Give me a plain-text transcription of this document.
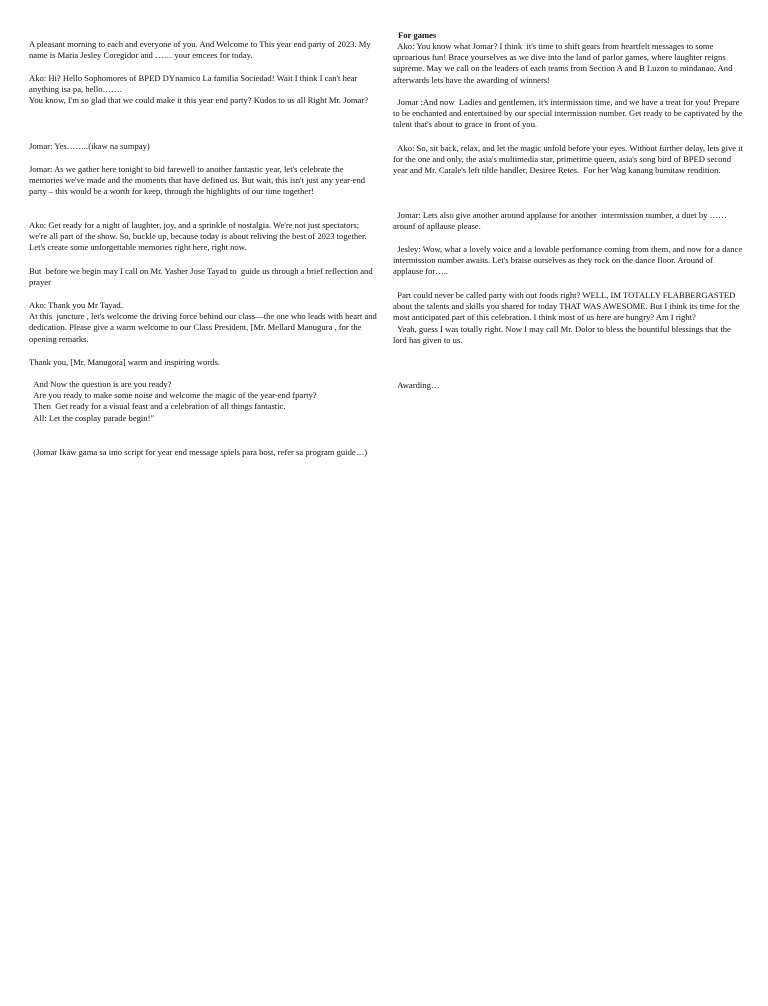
A pleasant morning to each and everyone of you. And Welcome to This year end party of 2023. My name is Maria Jesley Coregidor and …… your emcees for today.

Ako: Hi? Hello Sophomores of BPED DYnamico La familia Sociedad! Wait I think I can't hear anything isa pa, hello…….
You know, I'm so glad that we could make it this year end party? Kudos to us all Right Mr. Jomar?

Jomar: Yes……..(ikaw na sumpay)

Jomar: As we gather here tonight to bid farewell to another fantastic year, let's celebrate the memories we've made and the moments that have defined us. But wait, this isn't just any year-end party – this would be a worth for keep, through the highlights of our time together!

Ako: Get ready for a night of laughter, joy, and a sprinkle of nostalgia. We're not just spectators; we're all part of the show. So, buckle up, because today is about reliving the best of 2023 together. Let's create some unforgettable memories right here, right now.

But  before we begin may I call on Mr. Yasher Jose Tayad to  guide us through a brief reflection and prayer

Ako: Thank you Mr Tayad.
At this  juncture , let's welcome the driving force behind our class—the one who leads with heart and dedication. Please give a warm welcome to our Class President, [Mr. Mellard Manugura , for the opening remarks.

Thank you, [Mr. Manugora] warm and inspiring words.

And Now the question is are you ready?
Are you ready to make some noise and welcome the magic of the year-end fparty?
Then  Get ready for a visual feast and a celebration of all things fantastic.
All: Let the cosplay parade begin!"

(Jomar Ikaw gama sa imo script for year end message spiels para host, refer sa program guide…)

For games

Ako: You know what Jomar? I think  it's time to shift gears from heartfelt messages to some uproarious fun! Brace yourselves as we dive into the land of parlor games, where laughter reigns supreme. May we call on the leaders of each teams from Section A and B Luzon to mindanao. And afterwards lets have the awarding of winners!

Jomar :And now  Ladies and gentlemen, it's intermission time, and we have a treat for you! Prepare to be enchanted and entertained by our special intermission number. Get ready to be captivated by the talent that's about to grace in front of you.

Ako: So, sit back, relax, and let the magic unfold before your eyes. Without further delay, lets give it for the one and only, the asia's multimedia star, primetime queen, asia's song bird of BPED second year and Mr. Carale's left tiltle handler, Desiree Retes.  For her Wag kanang bumitaw rendition.

Jomar: Lets also give another around applause for another  intermission number, a duet by …… arounf of apllause please.

Jesley: Wow, what a lovely voice and a lovable perfomance coming from them, and now for a dance intermission number awaits. Let's braise ourselves as they rock on the dance floor. Around of applause for…..

Part could never be called party with out foods right? WELL, IM TOTALLY FLABBERGASTED about the talents and skills you shared for today THAT WAS AWESOME. But I think its time for the most anticipated part of this celebration. I think most of us here are hungry? Am I right?
Yeah, guess I was totally right. Now I may call Mr. Dolor to bless the bountiful blessings that the lord has given to us.

Awarding…
